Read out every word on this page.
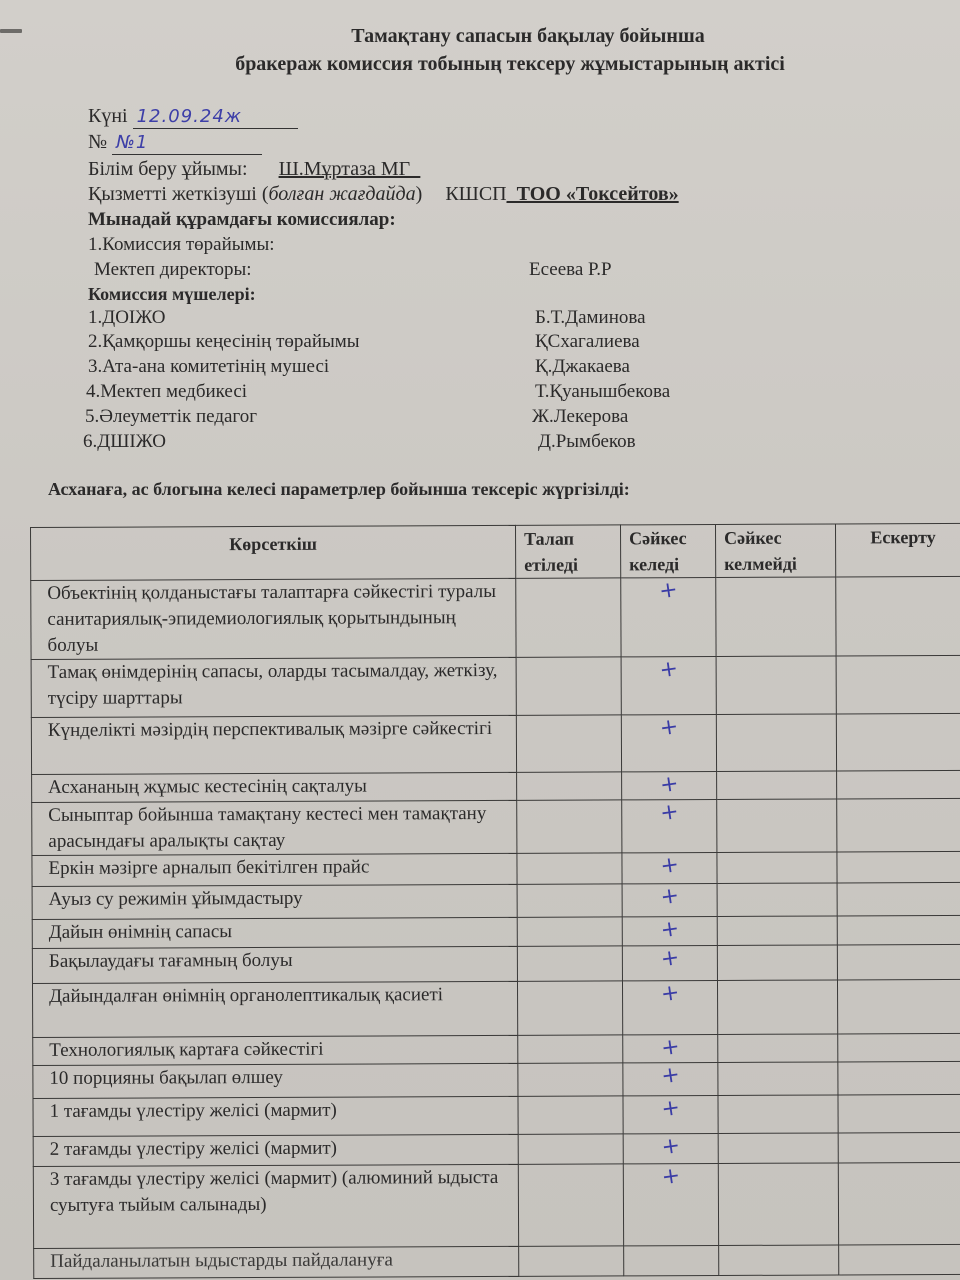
Тамақтану сапасын бақылау бойынша
бракераж комиссия тобының тексеру жұмыстарының актісі
Күні 12.09.24ж
№ №1
Білім беру ұйымы: Ш.Мұртаза МГ_
Қызметті жеткізуші (болған жағдайда) КШСП_ТОО «Токсейтов»
Мынадай құрамдағы комиссиялар:
1.Комиссия төрайымы:
Мектеп директоры:	Есеева Р.Р
Комиссия мүшелері:
1.ДОІЖО	Б.Т.Даминова
2.Қамқоршы кеңесінің төрайымы	ҚСхагалиева
3.Ата-ана комитетінің мушесі	Қ.Джакаева
4.Мектеп медбикесі	Т.Қуанышбекова
5.Әлеуметтік педагог	Ж.Лекерова
6.ДШІЖО	Д.Рымбеков
Асханаға, ас блогына келесі параметрлер бойынша тексеріс жүргізілді:
Көрсеткіш	Талап етіледі	Сәйкес келеді	Сәйкес келмейді	Ескерту
Объектінің қолданыстағы талаптарға сәйкестігі туралы санитариялық-эпидемиологиялық қорытындының болуы		+		
Тамақ өнімдерінің сапасы, оларды тасымалдау, жеткізу, түсіру шарттары		+		
Күнделікті мәзірдің перспективалық мәзірге сәйкестігі		+		
Асхананың жұмыс кестесінің сақталуы		+		
Сыныптар бойынша тамақтану кестесі мен тамақтану арасындағы аралықты сақтау		+		
Еркін мәзірге арналып бекітілген прайс		+		
Ауыз су режимін ұйымдастыру		+		
Дайын өнімнің сапасы		+		
Бақылаудағы тағамның болуы		+		
Дайындалған өнімнің органолептикалық қасиеті		+		
Технологиялық картаға сәйкестігі		+		
10 порцияны бақылап өлшеу		+		
1 тағамды үлестіру желісі (мармит)		+		
2 тағамды үлестіру желісі (мармит)		+		
3 тағамды үлестіру желісі (мармит) (алюминий ыдыста суытуға тыйым салынады)		+		
Пайдаланылатын ыдыстарды пайдалануға				
